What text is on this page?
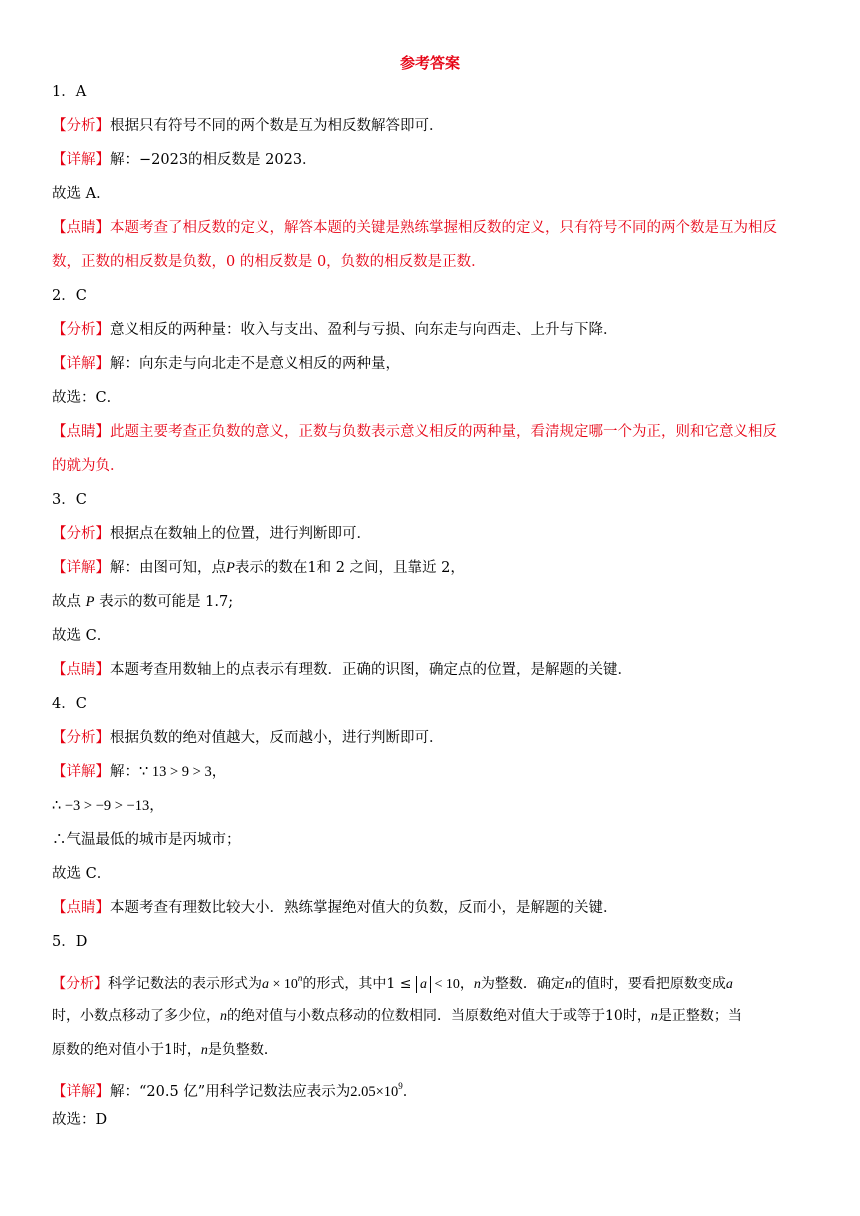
参考答案
1．A
【分析】根据只有符号不同的两个数是互为相反数解答即可．
【详解】解：−2023的相反数是 2023．
故选 A．
【点睛】本题考查了相反数的定义，解答本题的关键是熟练掌握相反数的定义，只有符号不同的两个数是互为相反
数，正数的相反数是负数，0 的相反数是 0，负数的相反数是正数．
2．C
【分析】意义相反的两种量：收入与支出、盈利与亏损、向东走与向西走、上升与下降．
【详解】解：向东走与向北走不是意义相反的两种量，
故选：C．
【点睛】此题主要考查正负数的意义，正数与负数表示意义相反的两种量，看清规定哪一个为正，则和它意义相反
的就为负．
3．C
【分析】根据点在数轴上的位置，进行判断即可．
【详解】解：由图可知，点P表示的数在1和 2 之间，且靠近 2，
故点 P 表示的数可能是 1.7;
故选 C．
【点睛】本题考查用数轴上的点表示有理数．正确的识图，确定点的位置，是解题的关键．
4．C
【分析】根据负数的绝对值越大，反而越小，进行判断即可．
【详解】解：∵ 13 > 9 > 3，
∴ −3 > −9 > −13，
∴气温最低的城市是丙城市；
故选 C．
【点睛】本题考查有理数比较大小．熟练掌握绝对值大的负数，反而小，是解题的关键．
5．D
【分析】科学记数法的表示形式为$a \times 10^n$的形式，其中1 ≤ a < 10，n为整数．确定n的值时，要看把原数变成a
时，小数点移动了多少位，n的绝对值与小数点移动的位数相同．当原数绝对值大于或等于10时，n是正整数；当
原数的绝对值小于1时，n是负整数．
【详解】解：“20.5 亿”用科学记数法应表示为$2.05\times 10^9$．
故选：D
